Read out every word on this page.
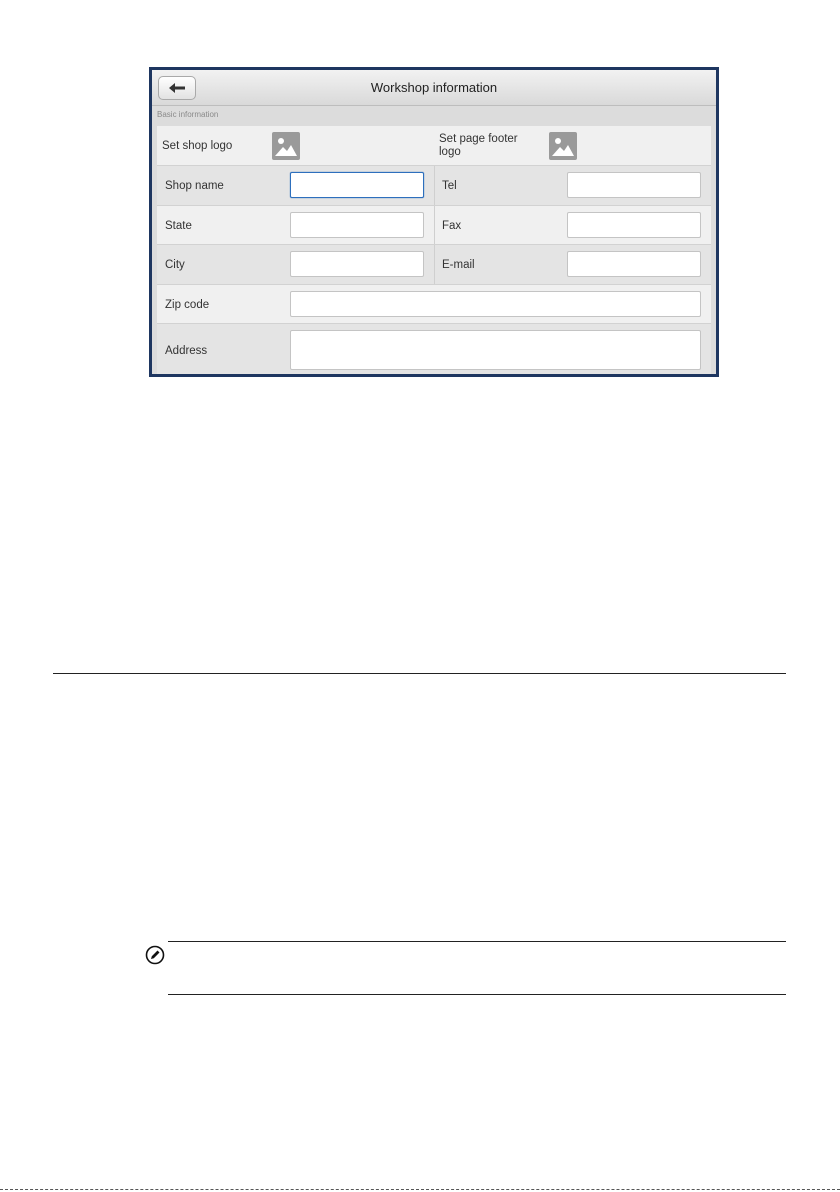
Workshop information
Basic information
Set shop logo
Set page footer logo
Shop name	Tel
State	Fax
City	E-mail
Zip code
Address
